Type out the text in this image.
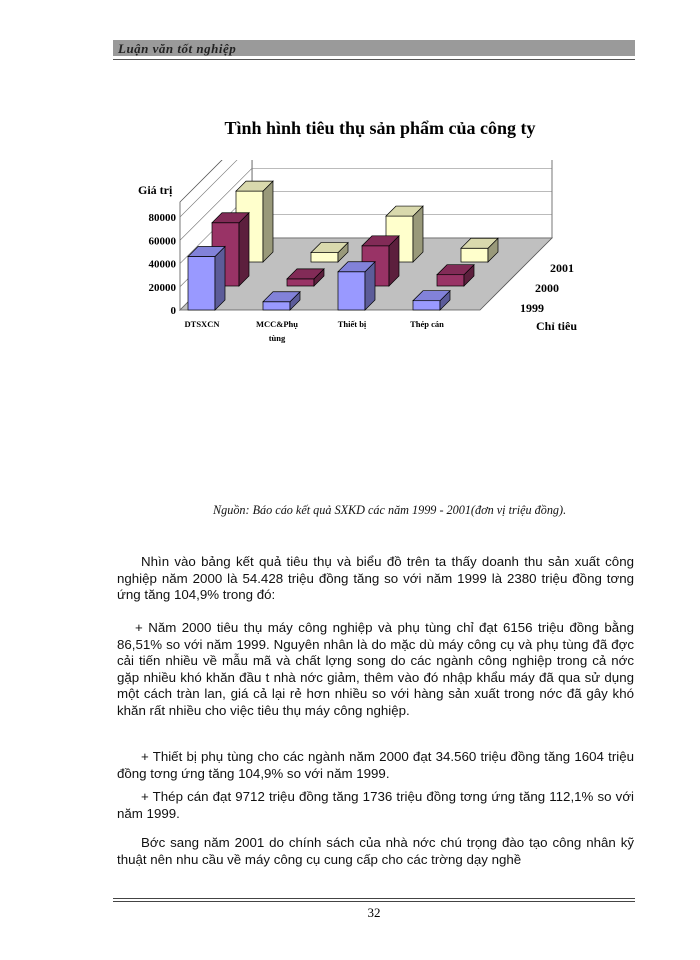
Luận văn tốt nghiệp
Tình hình tiêu thụ sản phẩm của công ty
80000
60000
40000
20000
0
DTSXCN	MCC&Phụ tùng
Thiết bị	Thép cán
1999
2000
2001
Giá trị
Chỉ tiêu
Nguồn: Báo cáo kết quả SXKD các năm 1999 - 2001(đơn vị triệu đồng).
Nhìn vào bảng kết quả tiêu thụ và biểu đồ trên ta thấy doanh thu sản xuất công nghiệp năm 2000 là 54.428 triệu đồng tăng so với năm 1999 là 2380 triệu đồng tơng ứng tăng 104,9% trong đó:
+ Năm 2000 tiêu thụ máy công nghiệp và phụ tùng chỉ đạt 6156 triệu đồng bằng 86,51% so với năm 1999. Nguyên nhân là do mặc dù máy công cụ và phụ tùng đã đợc cải tiến nhiều về mẫu mã và chất lợng song do các ngành công nghiệp trong cả nớc gặp nhiều khó khăn đầu t nhà nớc giảm, thêm vào đó nhập khẩu máy đã qua sử dụng một cách tràn lan, giá cả lại rẻ hơn nhiều so với hàng sản xuất trong nớc đã gây khó khăn rất nhiều cho việc tiêu thụ máy công nghiệp.
+ Thiết bị phụ tùng cho các ngành năm 2000 đạt 34.560 triệu đồng tăng 1604 triệu đồng tơng ứng tăng 104,9% so với năm 1999.
+ Thép cán đạt 9712 triệu đồng tăng 1736 triệu đồng tơng ứng tăng 112,1% so với năm 1999.
Bớc sang năm 2001 do chính sách của nhà nớc chú trọng đào tạo công nhân kỹ thuật nên nhu cầu về máy công cụ cung cấp cho các trờng dạy nghề
32
